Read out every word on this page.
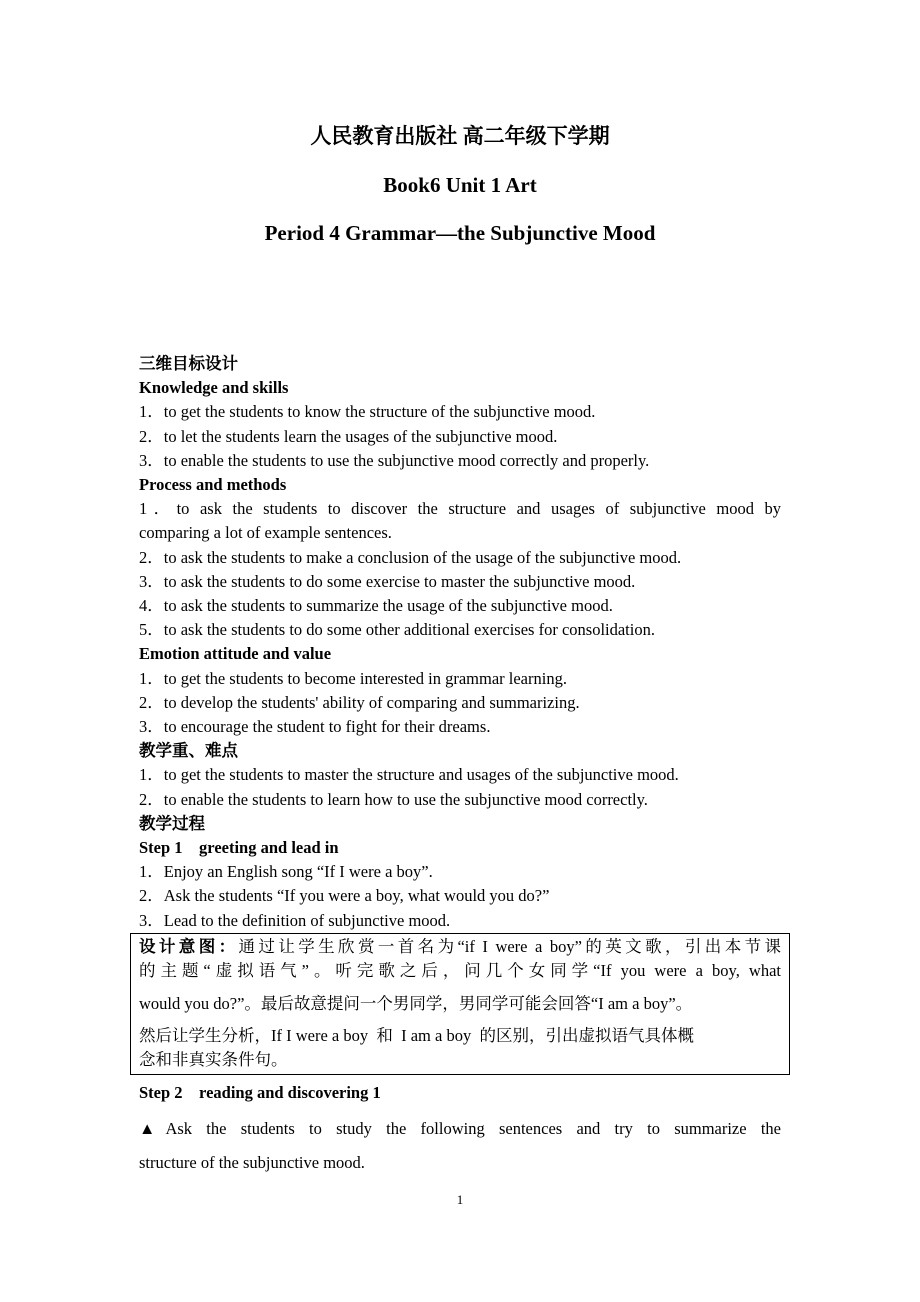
人民教育出版社 高二年级下学期
Book6 Unit 1 Art
Period 4 Grammar—the Subjunctive Mood
三维目标设计
Knowledge and skills
1．to get the students to know the structure of the subjunctive mood.
2．to let the students learn the usages of the subjunctive mood.
3．to enable the students to use the subjunctive mood correctly and properly.
Process and methods
1．to ask the students to discover the structure and usages of subjunctive mood by
comparing a lot of example sentences.
2．to ask the students to make a conclusion of the usage of the subjunctive mood.
3．to ask the students to do some exercise to master the subjunctive mood.
4．to ask the students to summarize the usage of the subjunctive mood.
5．to ask the students to do some other additional exercises for consolidation.
Emotion attitude and value
1．to get the students to become interested in grammar learning.
2．to develop the students' ability of comparing and summarizing.
3．to encourage the student to fight for their dreams.
教学重、难点
1．to get the students to master the structure and usages of the subjunctive mood.
2．to enable the students to learn how to use the subjunctive mood correctly.
教学过程
Step 1    greeting and lead in
1．Enjoy an English song “If I were a boy”.
2．Ask the students “If you were a boy, what would you do?”
3．Lead to the definition of subjunctive mood.
设计意图：通过让学生欣赏一首名为“if I were a boy”的英文歌，引出本节课
的主题“虚拟语气”。听完歌之后，问几个女同学“If you were a boy, what
would you do?”。最后故意提问一个男同学，男同学可能会回答“I am a boy”。
然后让学生分析，If I were a boy  和  I am a boy  的区别，引出虚拟语气具体概
念和非真实条件句。
Step 2    reading and discovering 1
▲Ask the students to study the following sentences and try to summarize the
structure of the subjunctive mood.
1
